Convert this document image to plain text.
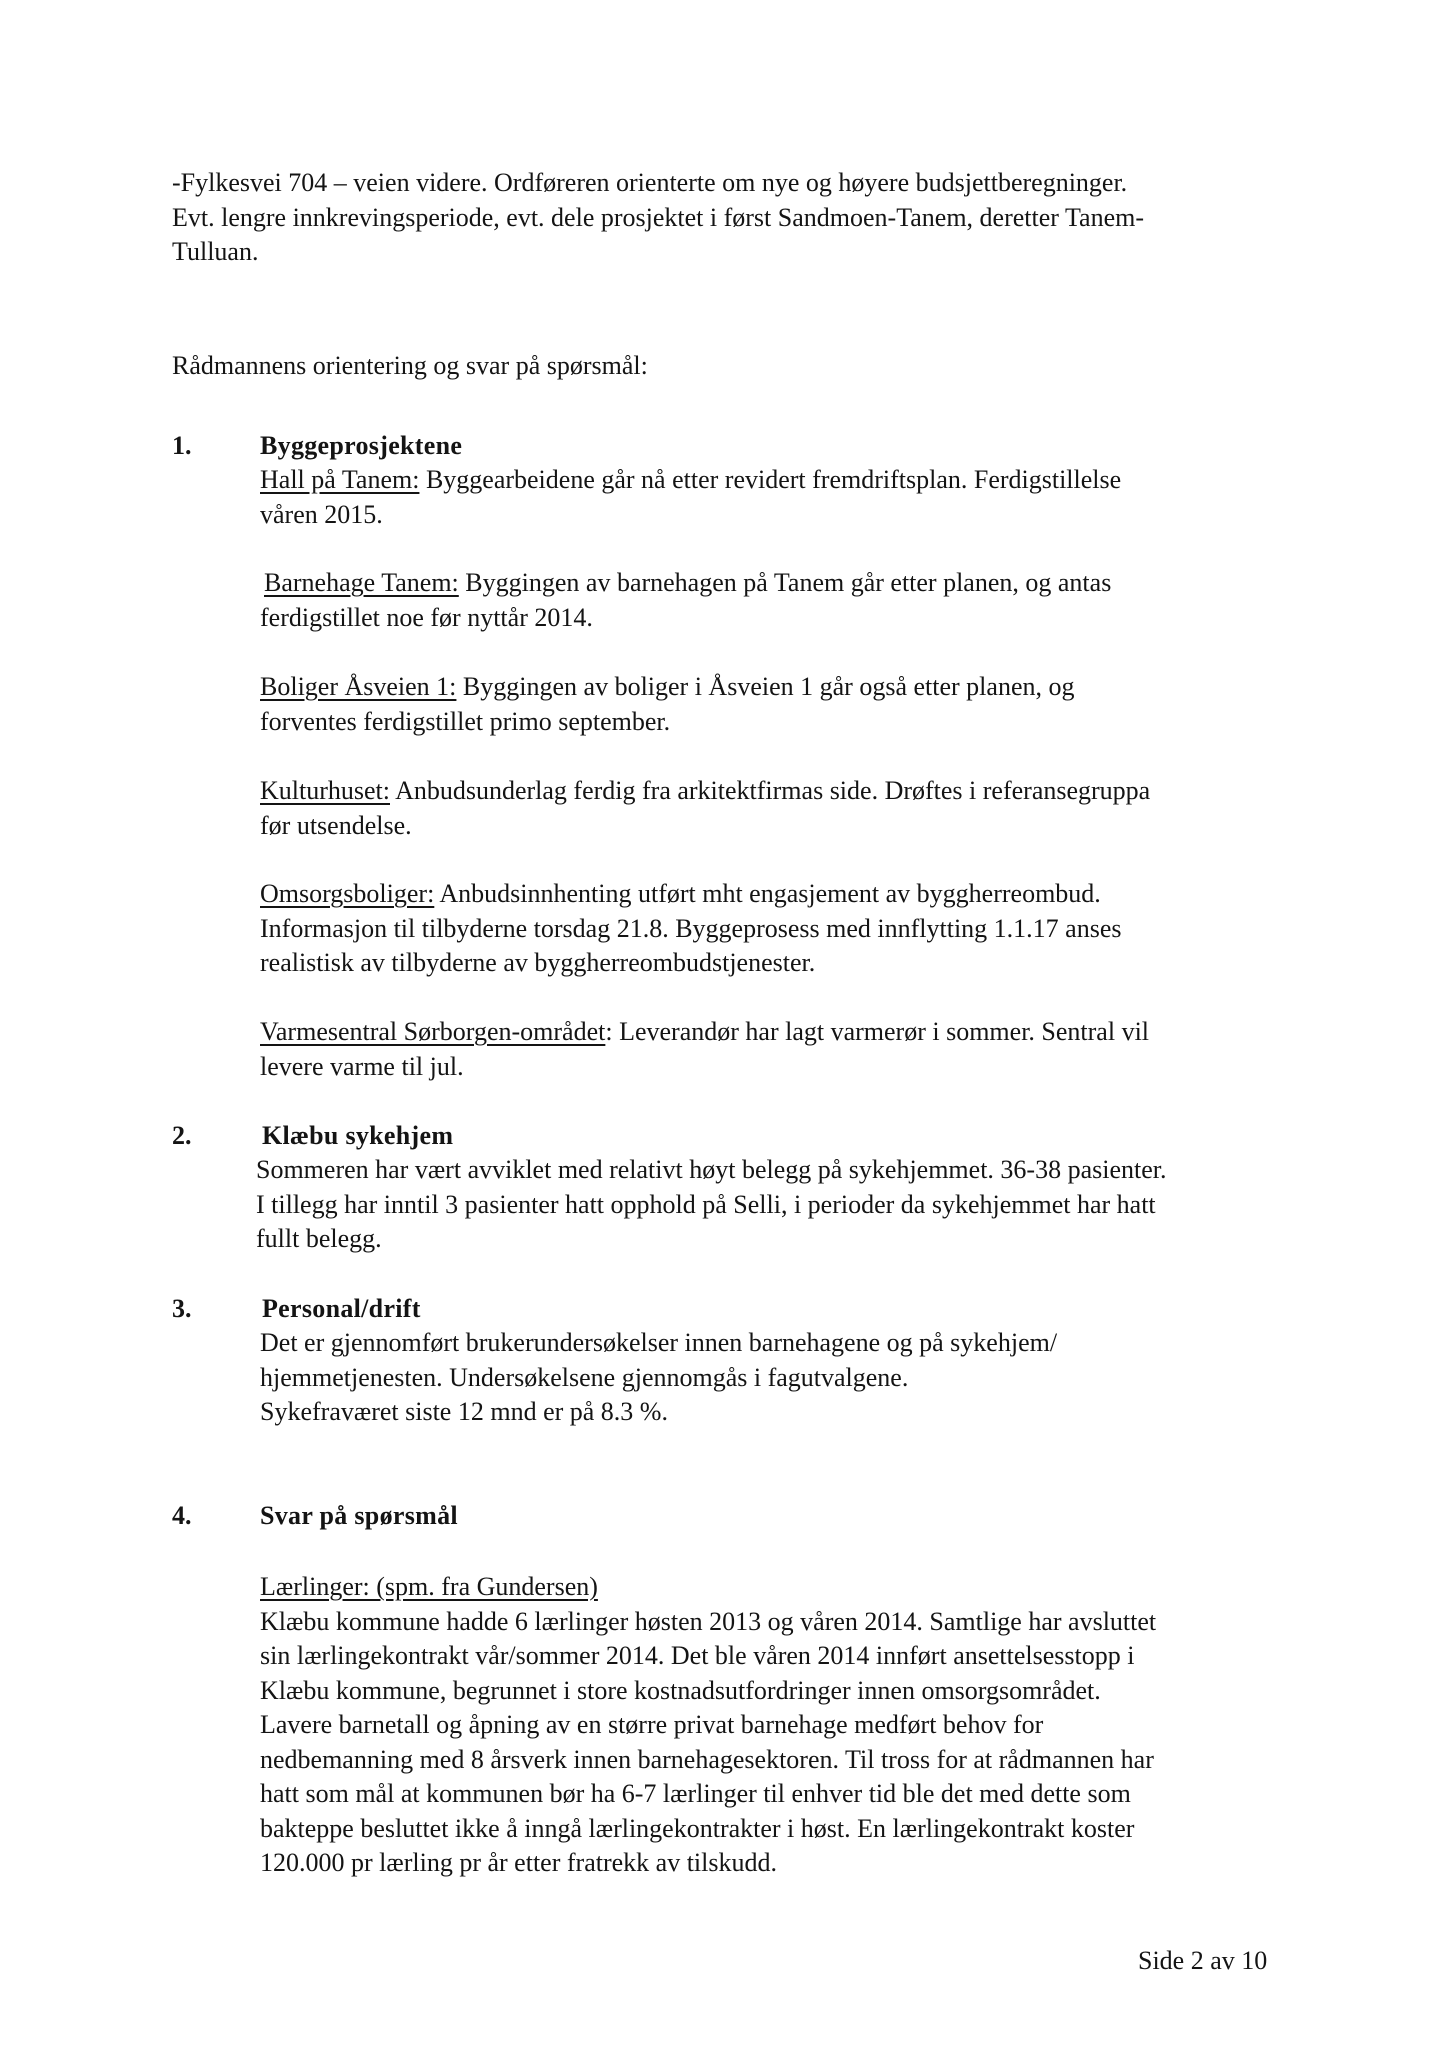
-Fylkesvei 704 – veien videre. Ordføreren orienterte om nye og høyere budsjettberegninger.
Evt. lengre innkrevingsperiode, evt. dele prosjektet i først Sandmoen-Tanem, deretter Tanem-
Tulluan.

Rådmannens orientering og svar på spørsmål:

1.	Byggeprosjektene

Hall på Tanem: Byggearbeidene går nå etter revidert fremdriftsplan. Ferdigstillelse
våren 2015.

Barnehage Tanem: Byggingen av barnehagen på Tanem går etter planen, og antas
ferdigstillet noe før nyttår 2014.

Boliger Åsveien 1: Byggingen av boliger i Åsveien 1 går også etter planen, og
forventes ferdigstillet primo september.

Kulturhuset: Anbudsunderlag ferdig fra arkitektfirmas side. Drøftes i referansegruppa
før utsendelse.

Omsorgsboliger: Anbudsinnhenting utført mht engasjement av byggherreombud.
Informasjon til tilbyderne torsdag 21.8. Byggeprosess med innflytting 1.1.17 anses
realistisk av tilbyderne av byggherreombudstjenester.

Varmesentral Sørborgen-området: Leverandør har lagt varmerør i sommer. Sentral vil
levere varme til jul.

2.	Klæbu sykehjem

Sommeren har vært avviklet med relativt høyt belegg på sykehjemmet. 36-38 pasienter.
I tillegg har inntil 3 pasienter hatt opphold på Selli, i perioder da sykehjemmet har hatt
fullt belegg.

3.	Personal/drift

Det er gjennomført brukerundersøkelser innen barnehagene og på sykehjem/
hjemmetjenesten. Undersøkelsene gjennomgås i fagutvalgene.
Sykefraværet siste 12 mnd er på 8.3 %.

4.	Svar på spørsmål

Lærlinger: (spm. fra Gundersen)
Klæbu kommune hadde 6 lærlinger høsten 2013 og våren 2014. Samtlige har avsluttet
sin lærlingekontrakt vår/sommer 2014. Det ble våren 2014 innført ansettelsesstopp i
Klæbu kommune, begrunnet i store kostnadsutfordringer innen omsorgsområdet.
Lavere barnetall og åpning av en større privat barnehage medført behov for
nedbemanning med 8 årsverk innen barnehagesektoren. Til tross for at rådmannen har
hatt som mål at kommunen bør ha 6-7 lærlinger til enhver tid ble det med dette som
bakteppe besluttet ikke å inngå lærlingekontrakter i høst. En lærlingekontrakt koster
120.000 pr lærling pr år etter fratrekk av tilskudd.

Side 2 av 10
